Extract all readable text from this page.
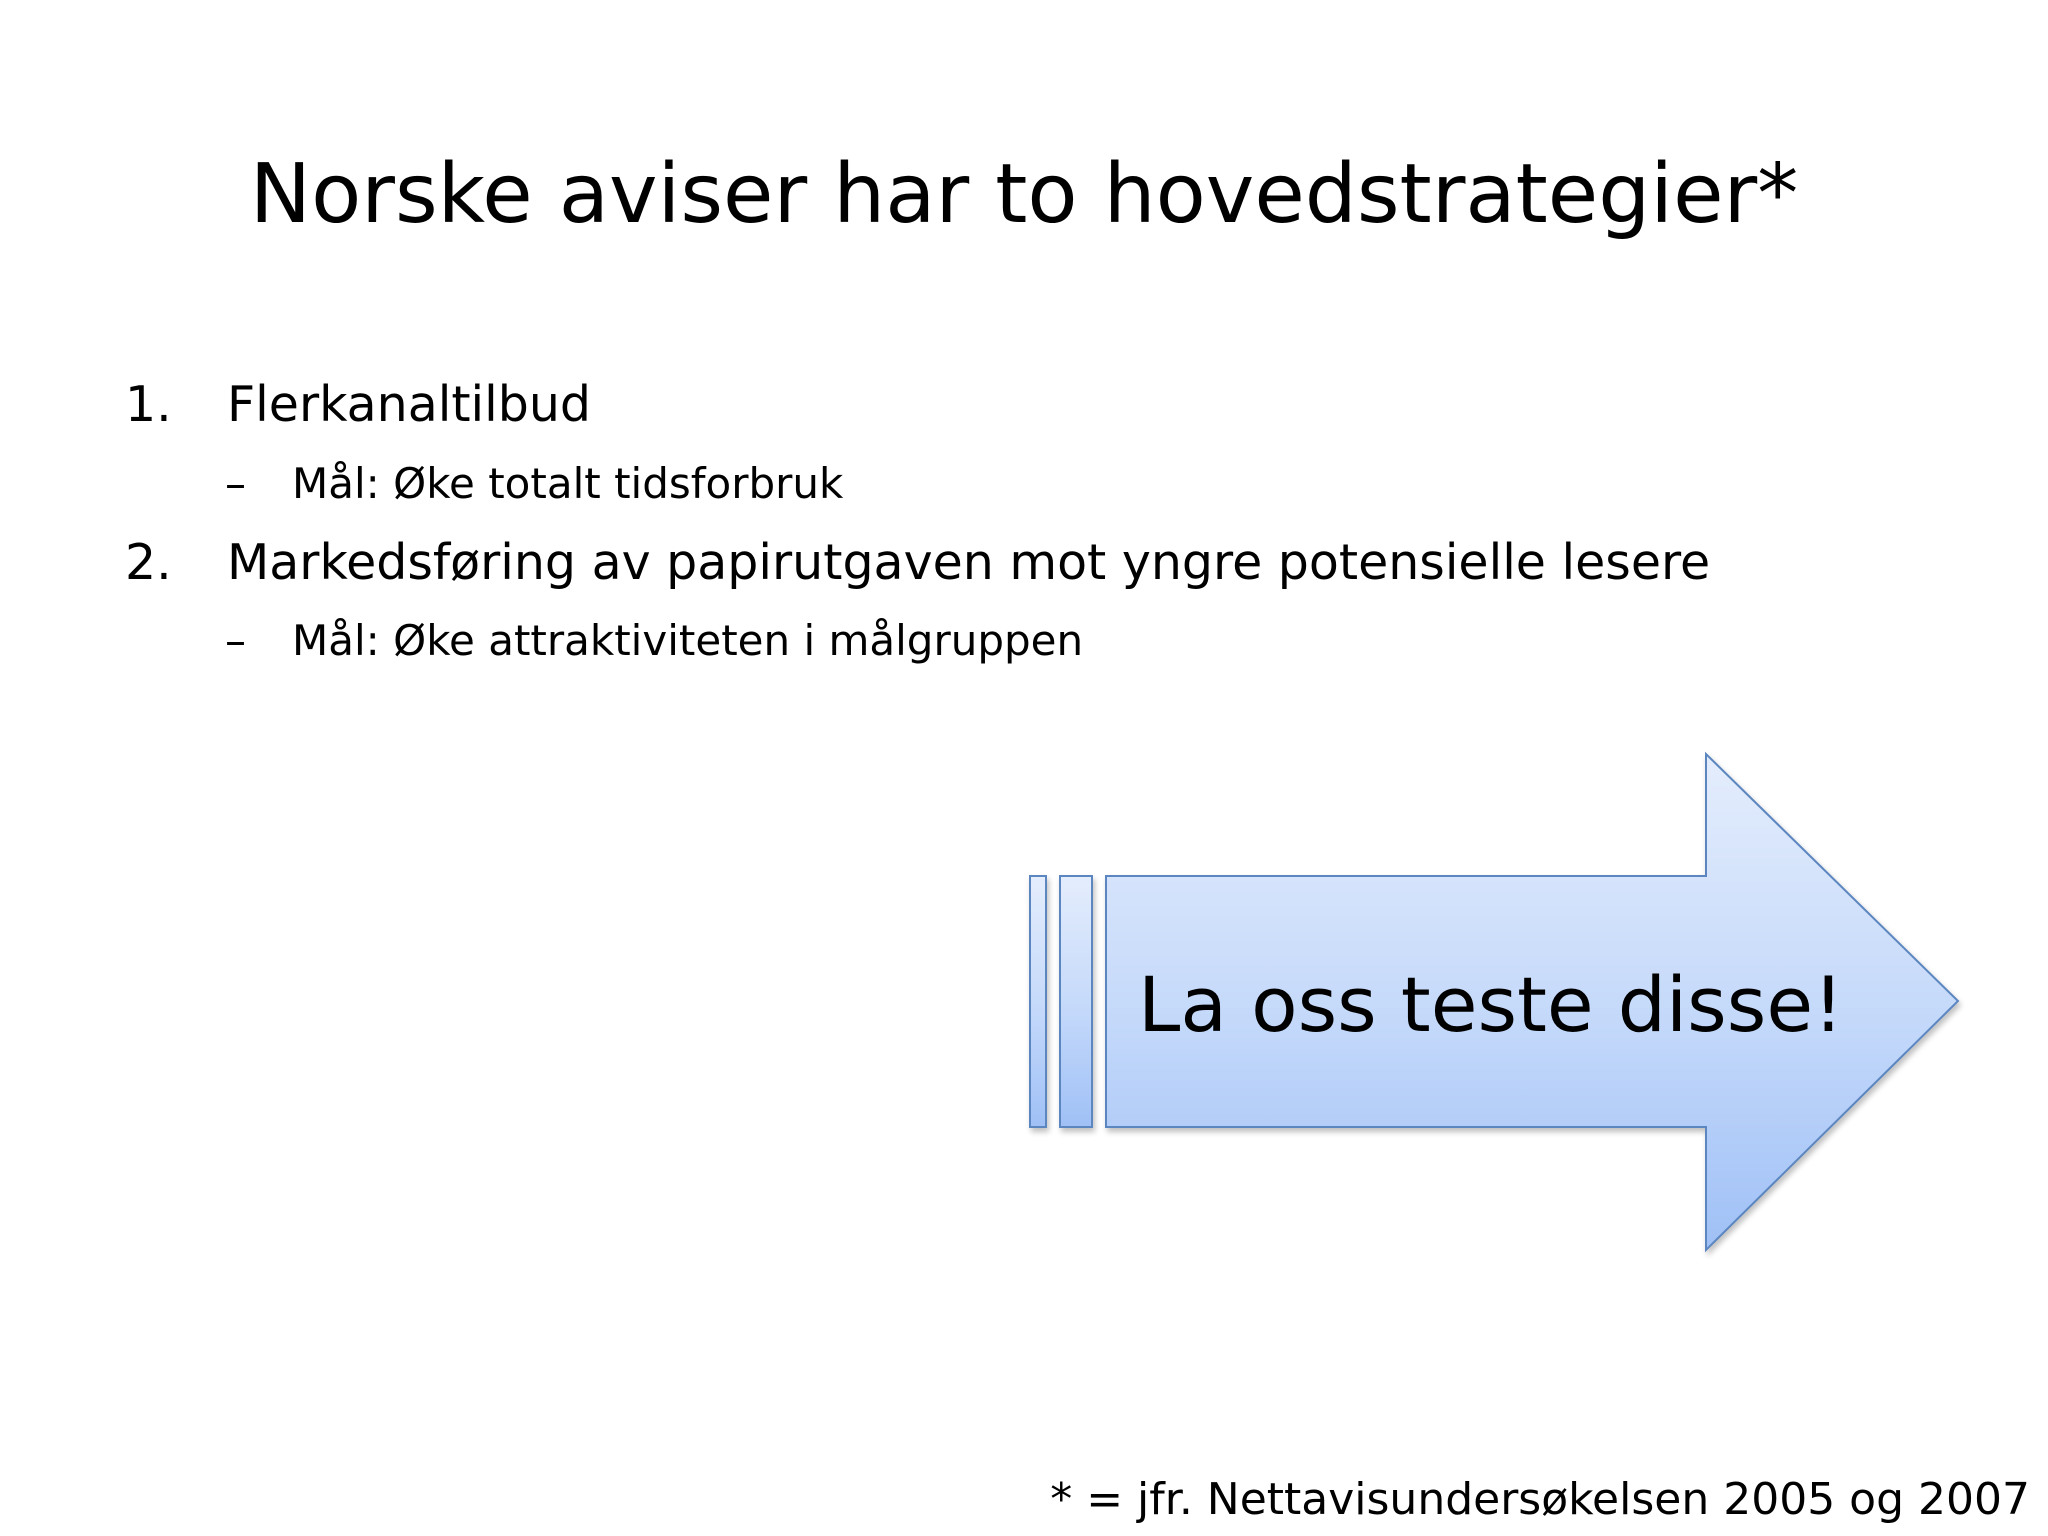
Norske aviser har to hovedstrategier*
1. Flerkanaltilbud
– Mål: Øke totalt tidsforbruk
2. Markedsføring av papirutgaven mot yngre potensielle lesere
– Mål: Øke attraktiviteten i målgruppen
La oss teste disse!
* = jfr. Nettavisundersøkelsen 2005 og 2007
